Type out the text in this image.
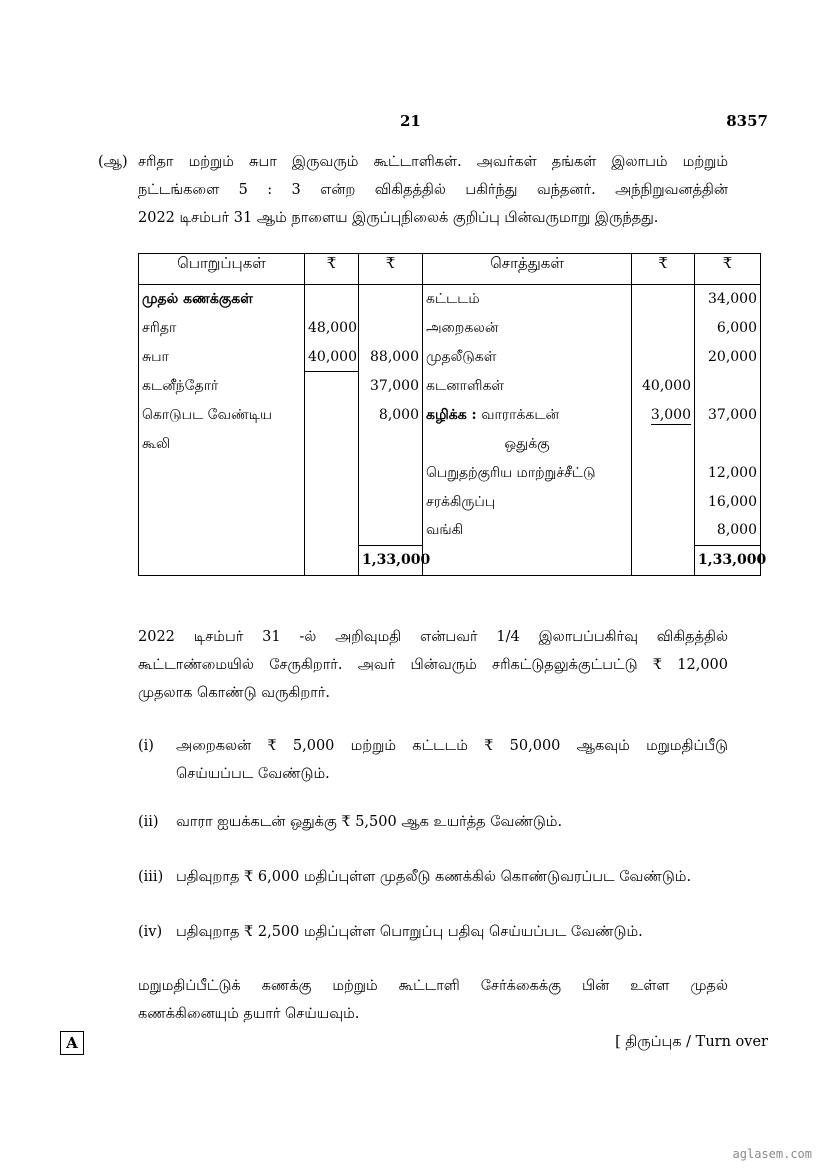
21	8357
(ஆ) சரிதா மற்றும் சுபா இருவரும் கூட்டாளிகள். அவர்கள் தங்கள் இலாபம் மற்றும்
நட்டங்களை 5 : 3 என்ற விகிதத்தில் பகிர்ந்து வந்தனர். அந்நிறுவனத்தின்
2022 டிசம்பர் 31 ஆம் நாளைய இருப்புநிலைக் குறிப்பு பின்வருமாறு இருந்தது.
பொறுப்புகள்	₹	₹	சொத்துகள்	₹	₹
முதல் கணக்குகள்			கட்டடம்		34,000
சரிதா	48,000		அறைகலன்		6,000
சுபா	40,000	88,000	முதலீடுகள்		20,000
கடனீந்தோர்		37,000	கடனாளிகள்	40,000	
கொடுபட வேண்டிய		8,000	கழிக்க : வாராக்கடன்	3,000	37,000
கூலி			ஒதுக்கு		
			பெறுதற்குரிய மாற்றுச்சீட்டு		12,000
			சரக்கிருப்பு		16,000
			வங்கி		8,000
		1,33,000			1,33,000
2022 டிசம்பர் 31 -ல் அறிவுமதி என்பவர் 1/4 இலாபப்பகிர்வு விகிதத்தில்
கூட்டாண்மையில் சேருகிறார். அவர் பின்வரும் சரிகட்டுதலுக்குட்பட்டு ₹ 12,000
முதலாக கொண்டு வருகிறார்.
(i) அறைகலன் ₹ 5,000 மற்றும் கட்டடம் ₹ 50,000 ஆகவும் மறுமதிப்பீடு
செய்யப்பட வேண்டும்.
(ii) வாரா ஐயக்கடன் ஒதுக்கு ₹ 5,500 ஆக உயர்த்த வேண்டும்.
(iii) பதிவுறாத ₹ 6,000 மதிப்புள்ள முதலீடு கணக்கில் கொண்டுவரப்பட வேண்டும்.
(iv) பதிவுறாத ₹ 2,500 மதிப்புள்ள பொறுப்பு பதிவு செய்யப்பட வேண்டும்.
மறுமதிப்பீட்டுக் கணக்கு மற்றும் கூட்டாளி சேர்க்கைக்கு பின் உள்ள முதல்
கணக்கினையும் தயார் செய்யவும்.
A	[ திருப்புக / Turn over
aglasem.com
